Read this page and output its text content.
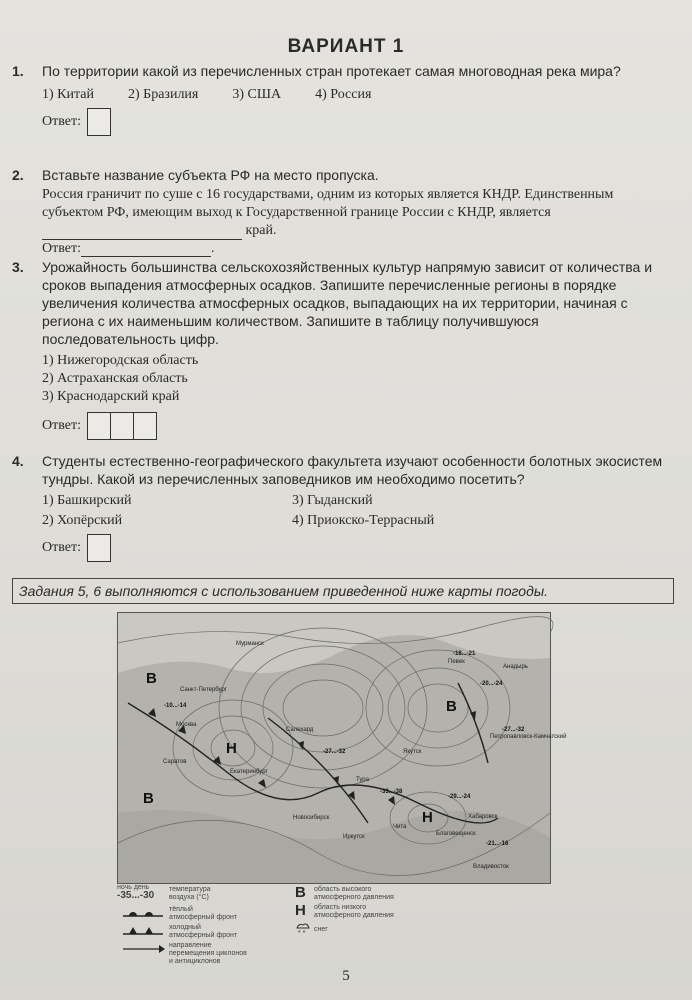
ВАРИАНТ 1
1. По территории какой из перечисленных стран протекает самая многоводная река мира?
1) Китай 2) Бразилия 3) США 4) Россия
Ответ:
2. Вставьте название субъекта РФ на место пропуска.
Россия граничит по суше с 16 государствами, одним из которых является КНДР. Единственным субъектом РФ, имеющим выход к Государственной границе России с КНДР, является  край.
Ответ:	.
3. Урожайность большинства сельскохозяйственных культур напрямую зависит от количества и сроков выпадения атмосферных осадков. Запишите перечисленные регионы в порядке увеличения количества атмосферных осадков, выпадающих на их территории, начиная с региона с их наименьшим количеством. Запишите в таблицу получившуюся последовательность цифр.
1) Нижегородская область
2) Астраханская область
3) Краснодарский край
Ответ:
4. Студенты естественно-географического факультета изучают особенности болотных экосистем тундры. Какой из перечисленных заповедников им необходимо посетить?
1) Башкирский	3) Гыданский
2) Хопёрский	4) Приокско-Террасный
Ответ:
Задания 5, 6 выполняются с использованием приведенной ниже карты погоды.
В
Н
В
Н
В
Мурманск
Санкт-Петербург
Москва
Саратов
Екатеринбург
Салехард
Тура
Новосибирск
Иркутск
Чита
Якутск
Певек
Анадырь
Петропавловск-Камчатский
Хабаровск
Благовещенск
Владивосток
-10...-14
-27...-32
-18...-21
-20...-24
-27...-32
-33...-38
-29...-24
-21...-16
ночь день
-35...-30
температура воздуха (°C)
тёплый атмосферный фронт
холодный атмосферный фронт
направление перемещения циклонов и антициклонов
В область высокого атмосферного давления
Н область низкого атмосферного давления
* *
снег
5
